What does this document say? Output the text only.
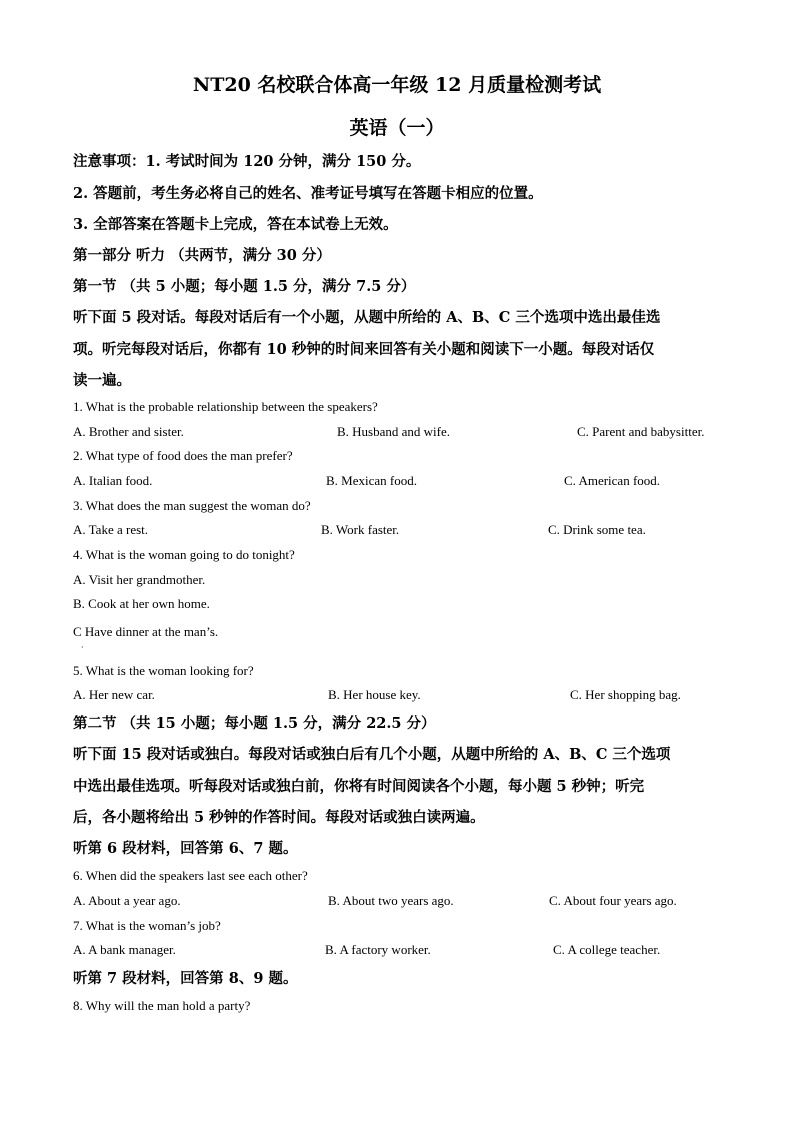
NT20 名校联合体高一年级 12 月质量检测考试
英语（一）
注意事项：1. 考试时间为 120 分钟，满分 150 分。
2. 答题前，考生务必将自己的姓名、准考证号填写在答题卡相应的位置。
3. 全部答案在答题卡上完成，答在本试卷上无效。
第一部分 听力 （共两节，满分 30 分）
第一节 （共 5 小题；每小题 1.5 分，满分 7.5 分）
听下面 5 段对话。每段对话后有一个小题，从题中所给的 A、B、C 三个选项中选出最佳选
项。听完每段对话后，你都有 10 秒钟的时间来回答有关小题和阅读下一小题。每段对话仅
读一遍。
1. What is the probable relationship between the speakers?
A. Brother and sister.	B. Husband and wife.	C. Parent and babysitter.
2. What type of food does the man prefer?
A. Italian food.	B. Mexican food.	C. American food.
3. What does the man suggest the woman do?
A. Take a rest.	B. Work faster.	C. Drink some tea.
4. What is the woman going to do tonight?
A. Visit her grandmother.
B. Cook at her own home.
C Have dinner at the man’s.
·
5. What is the woman looking for?
A. Her new car.	B. Her house key.	C. Her shopping bag.
第二节 （共 15 小题；每小题 1.5 分，满分 22.5 分）
听下面 15 段对话或独白。每段对话或独白后有几个小题，从题中所给的 A、B、C 三个选项
中选出最佳选项。听每段对话或独白前，你将有时间阅读各个小题，每小题 5 秒钟；听完
后，各小题将给出 5 秒钟的作答时间。每段对话或独白读两遍。
听第 6 段材料，回答第 6、7 题。
6. When did the speakers last see each other?
A. About a year ago.	B. About two years ago.	C. About four years ago.
7. What is the woman’s job?
A. A bank manager.	B. A factory worker.	C. A college teacher.
听第 7 段材料，回答第 8、9 题。
8. Why will the man hold a party?
